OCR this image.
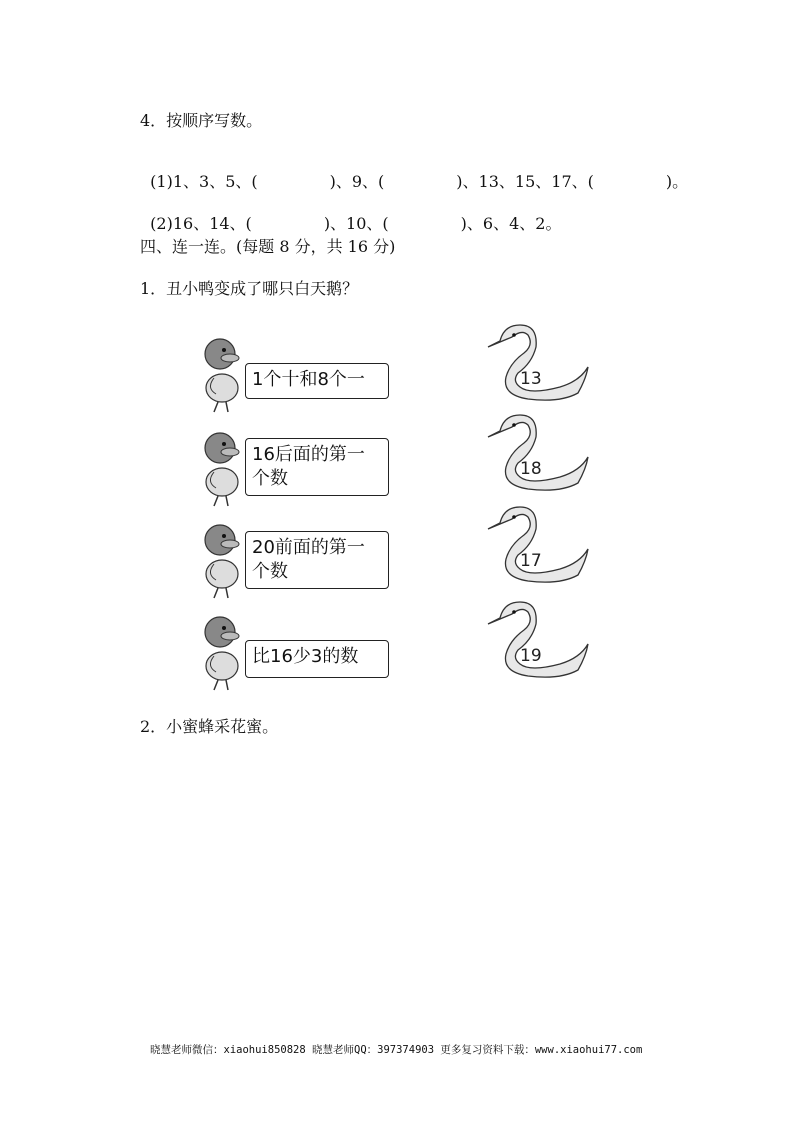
4．按顺序写数。

(1)1、3、5、(	)、9、(	)、13、15、17、(	)。

(2)16、14、(	)、10、(	)、6、4、2。

四、连一连。(每题 8 分，共 16 分)
1．丑小鸭变成了哪只白天鹅？
1个十和8个一
16后面的第一个数
20前面的第一个数
比16少3的数
13
18
17
19
2．小蜜蜂采花蜜。
晓慧老师微信：xiaohui850828 晓慧老师QQ：397374903 更多复习资料下载：www.xiaohui77.com
